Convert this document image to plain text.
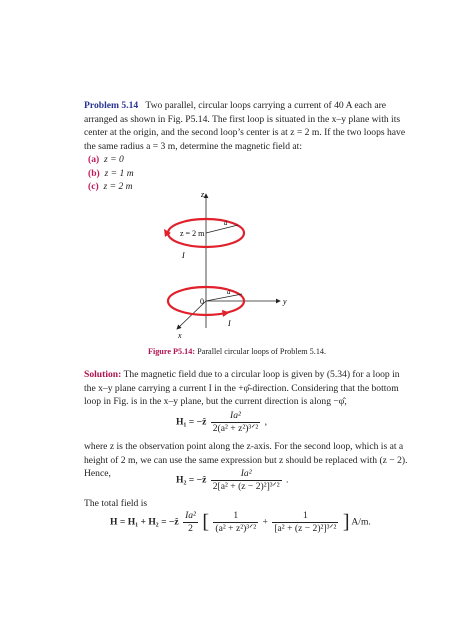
Problem 5.14 Two parallel, circular loops carrying a current of 40 A each are
arranged as shown in Fig. P5.14. The first loop is situated in the x–y plane with its
center at the origin, and the second loop’s center is at z = 2 m. If the two loops have
the same radius a = 3 m, determine the magnetic field at:
(a) z = 0
(b) z = 1 m
(c) z = 2 m
z
y
x
z = 2 m
0
a
a
I
I
Figure P5.14: Parallel circular loops of Problem 5.14.
Solution: The magnetic field due to a circular loop is given by (5.34) for a loop in
the x–y plane carrying a current I in the +φ̂-direction. Considering that the bottom
loop in Fig. is in the x–y plane, but the current direction is along −φ̂,
H₁ = −ẑ $\frac{\text{Ia²}}{\text{2(a² + z²)³ᐟ²}}$ ,
where z is the observation point along the z-axis. For the second loop, which is at a
height of 2 m, we can use the same expression but z should be replaced with (z − 2).
Hence,
H₂ = −ẑ $\frac{\text{Ia²}}{\text{2[a² + (z − 2)²]³ᐟ²}}$ .
The total field is
H = H₁ + H₂ = −ẑ $\frac{\text{Ia²}}{2}$ [ $\frac{1}{\text{(a² + z²)³ᐟ²}} + \frac{1}{\text{[a² + (z − 2)²]³ᐟ²}}$ ] A/m.
